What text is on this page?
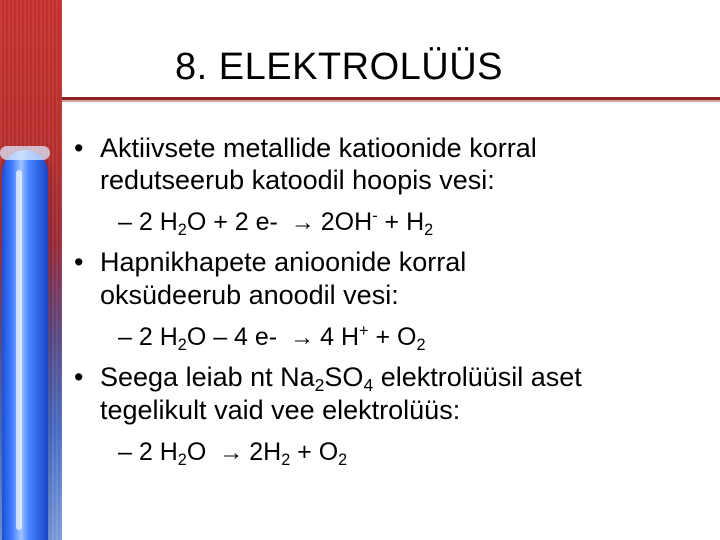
8. ELEKTROLÜÜS
• Aktiivsete metallide katioonide korral
redutseerub katoodil hoopis vesi:
– 2 $H_2O + 2$ $e- \to 2OH^- + H_2$
• Hapnikhapete anioonide korral
oksüdeerub anoodil vesi:
– 2 $H_2O - 4$ e- → 4 $H^+ + O_2$
• Seega leiab nt $Na_2SO_4$ elektrolüüsil aset
tegelikult vaid vee elektrolüüs:
– 2 $H_2O \to 2H_2 + O_2$
